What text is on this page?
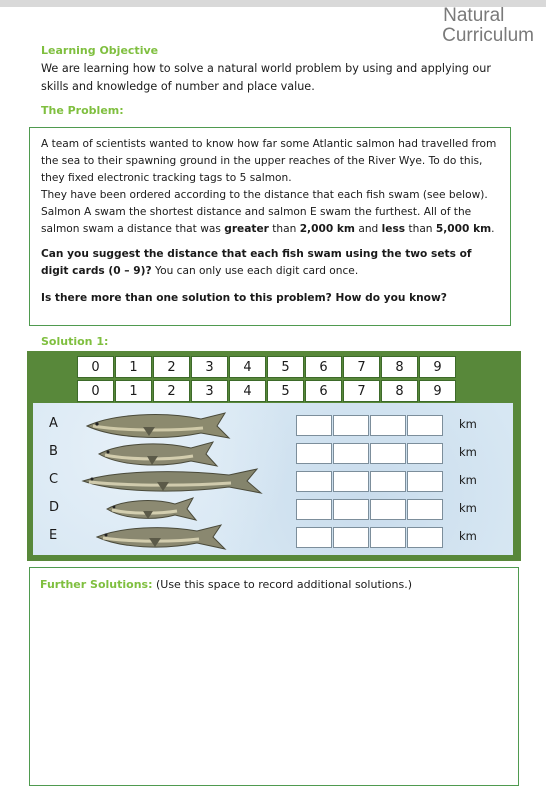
Natural
Curriculum
Learning Objective
We are learning how to solve a natural world problem by using and applying our skills and knowledge of number and place value.
The Problem:

A team of scientists wanted to know how far some Atlantic salmon had travelled from the sea to their spawning ground in the upper reaches of the River Wye. To do this, they fixed electronic tracking tags to 5 salmon.

They have been ordered according to the distance that each fish swam (see below). Salmon A swam the shortest distance and salmon E swam the furthest. All of the salmon swam a distance that was greater than 2,000 km and less than 5,000 km.

Can you suggest the distance that each fish swam using the two sets of digit cards (0 – 9)? You can only use each digit card once.

Is there more than one solution to this problem? How do you know?

Solution 1:
0	1	2	3	4	5	6	7	8	9
0	1	2	3	4	5	6	7	8	9
A	km
B	km
C	km
D	km
E	km
Further Solutions: (Use this space to record additional solutions.)
